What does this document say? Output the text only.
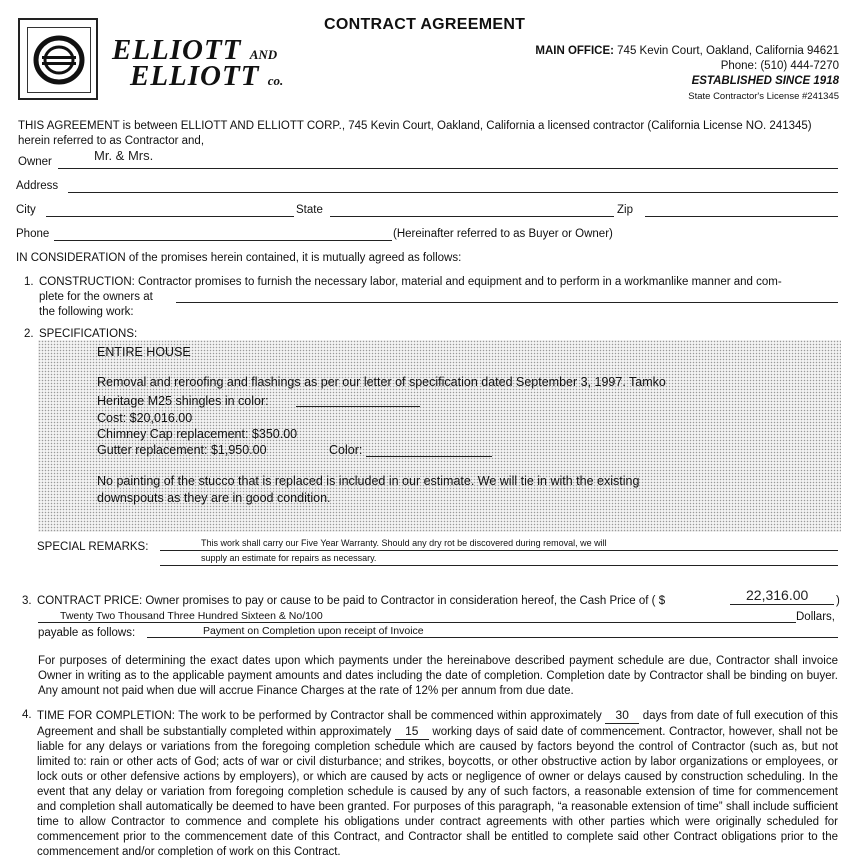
ELLIOTT AND
ELLIOTT co.
CONTRACT AGREEMENT
MAIN OFFICE: 745 Kevin Court, Oakland, California 94621
Phone: (510) 444-7270
ESTABLISHED SINCE 1918
State Contractor's License #241345
THIS AGREEMENT is between ELLIOTT AND ELLIOTT CORP., 745 Kevin Court, Oakland, California a licensed contractor (California License NO. 241345) herein referred to as Contractor and,
Owner	Mr. & Mrs.
Address
City	State	Zip
Phone	(Hereinafter referred to as Buyer or Owner)
IN CONSIDERATION of the promises herein contained, it is mutually agreed as follows:
1. CONSTRUCTION: Contractor promises to furnish the necessary labor, material and equipment and to perform in a workmanlike manner and com-
plete for the owners at
the following work:
2. SPECIFICATIONS:
ENTIRE HOUSE
Removal and reroofing and flashings as per our letter of specification dated September 3, 1997. Tamko
Heritage M25 shingles in color:
Cost: $20,016.00
Chimney Cap replacement: $350.00
Gutter replacement: $1,950.00	Color:
No painting of the stucco that is replaced is included in our estimate. We will tie in with the existing
downspouts as they are in good condition.
SPECIAL REMARKS:	This work shall carry our Five Year Warranty. Should any dry rot be discovered during removal, we will
supply an estimate for repairs as necessary.
3. CONTRACT PRICE: Owner promises to pay or cause to be paid to Contractor in consideration hereof, the Cash Price of ( $	22,316.00 )
Twenty Two Thousand Three Hundred Sixteen & No/100	Dollars,
payable as follows:	Payment on Completion upon receipt of Invoice
For purposes of determining the exact dates upon which payments under the hereinabove described payment schedule are due, Contractor shall invoice Owner in writing as to the applicable payment amounts and dates including the date of completion. Completion date by Contractor shall be binding on buyer. Any amount not paid when due will accrue Finance Charges at the rate of 12% per annum from due date.
4. TIME FOR COMPLETION: The work to be performed by Contractor shall be commenced within approximately 30 days from date of full execution of this Agreement and shall be substantially completed within approximately 15 working days of said date of commencement. Contractor, however, shall not be liable for any delays or variations from the foregoing completion schedule which are caused by factors beyond the control of Contractor (such as, but not limited to: rain or other acts of God; acts of war or civil disturbance; and strikes, boycotts, or other obstructive action by labor organizations or employees, or lock outs or other defensive actions by employers), or which are caused by acts or negligence of owner or delays caused by construction scheduling. In the event that any delay or variation from foregoing completion schedule is caused by any of such factors, a reasonable extension of time for commencement and completion shall automatically be deemed to have been granted. For purposes of this paragraph, “a reasonable extension of time” shall include sufficient time to allow Contractor to commence and complete his obligations under contract agreements with other parties which were originally scheduled for commencement prior to the commencement date of this Contract, and Contractor shall be entitled to complete said other Contract obligations prior to the commencement and/or completion of work on this Contract.
